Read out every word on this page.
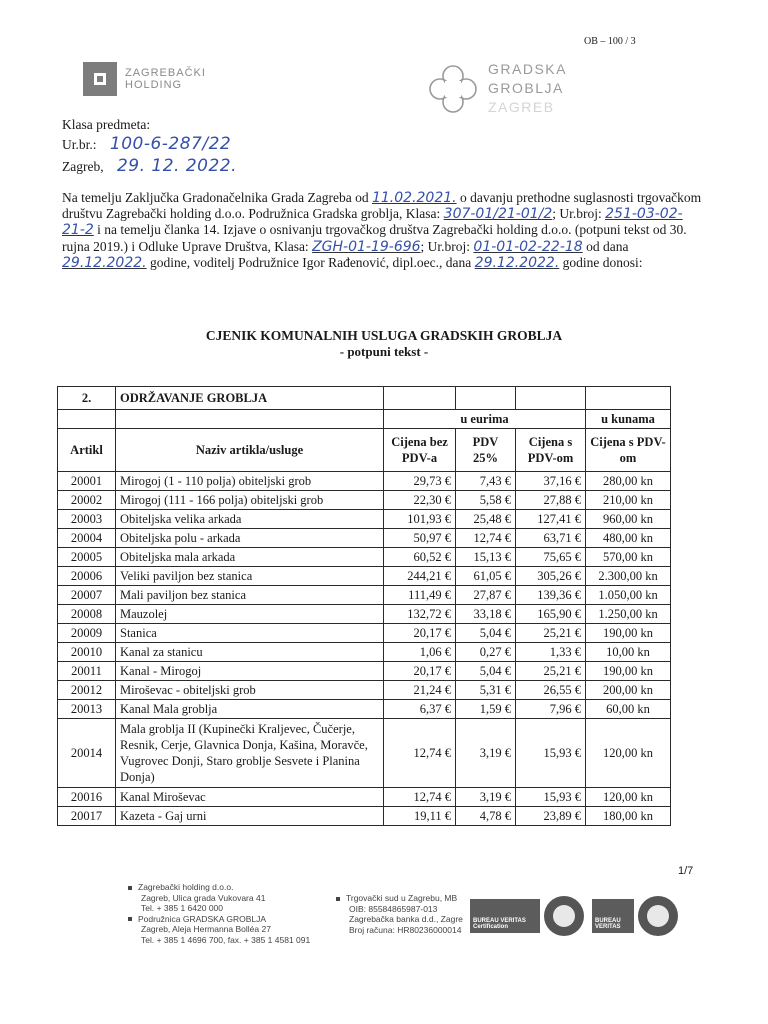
OB – 100 / 3
ZAGREBAČKI
HOLDING
GRADSKA
GROBLJA
ZAGREB
Klasa predmeta:
Ur.br.: 100-6-287/22
Zagreb, 29. 12. 2022.
Na temelju Zaključka Gradonačelnika Grada Zagreba od 11.02.2021. o davanju prethodne suglasnosti trgovačkom društvu Zagrebački holding d.o.o. Podružnica Gradska groblja, Klasa: 307-01/21-01/2; Ur.broj: 251-03-02-21-2 i na temelju članka 14. Izjave o osnivanju trgovačkog društva Zagrebački holding d.o.o. (potpuni tekst od 30. rujna 2019.) i Odluke Uprave Društva, Klasa: ZGH-01-19-696; Ur.broj: 01-01-02-22-18 od dana 29.12.2022. godine, voditelj Podružnice Igor Rađenović, dipl.oec., dana 29.12.2022. godine donosi:
CJENIK KOMUNALNIH USLUGA GRADSKIH GROBLJA
- potpuni tekst -
2.	ODRŽAVANJE GROBLJA				
		u eurima			u kunama
Artikl	Naziv artikla/usluge	Cijena bez PDV-a	PDV 25%	Cijena s PDV-om	Cijena s PDV-om
20001	Mirogoj (1 - 110 polja) obiteljski grob	29,73 €	7,43 €	37,16 €	280,00 kn
20002	Mirogoj (111 - 166 polja) obiteljski grob	22,30 €	5,58 €	27,88 €	210,00 kn
20003	Obiteljska velika arkada	101,93 €	25,48 €	127,41 €	960,00 kn
20004	Obiteljska polu - arkada	50,97 €	12,74 €	63,71 €	480,00 kn
20005	Obiteljska mala arkada	60,52 €	15,13 €	75,65 €	570,00 kn
20006	Veliki paviljon bez stanica	244,21 €	61,05 €	305,26 €	2.300,00 kn
20007	Mali paviljon bez stanica	111,49 €	27,87 €	139,36 €	1.050,00 kn
20008	Mauzolej	132,72 €	33,18 €	165,90 €	1.250,00 kn
20009	Stanica	20,17 €	5,04 €	25,21 €	190,00 kn
20010	Kanal za stanicu	1,06 €	0,27 €	1,33 €	10,00 kn
20011	Kanal - Mirogoj	20,17 €	5,04 €	25,21 €	190,00 kn
20012	Miroševac - obiteljski grob	21,24 €	5,31 €	26,55 €	200,00 kn
20013	Kanal Mala groblja	6,37 €	1,59 €	7,96 €	60,00 kn
20014	Mala groblja II (Kupinečki Kraljevec, Čučerje, Resnik, Cerje, Glavnica Donja, Kašina, Moravče, Vugrovec Donji, Staro groblje Sesvete i Planina Donja)	12,74 €	3,19 €	15,93 €	120,00 kn
20016	Kanal Miroševac	12,74 €	3,19 €	15,93 €	120,00 kn
20017	Kazeta - Gaj urni	19,11 €	4,78 €	23,89 €	180,00 kn
1/7
Zagrebački holding d.o.o.
Zagreb, Ulica grada Vukovara 41
Tel. + 385 1 6420 000
Podružnica GRADSKA GROBLJA
Zagreb, Aleja Hermanna Bolléa 27
Tel. + 385 1 4696 700, fax. + 385 1 4581 091
Trgovački sud u Zagrebu, MB
OIB: 85584865987-013
Zagrebačka banka d.d., Zagre
Broj računa: HR80236000014
BUREAU VERITAS Certification
BUREAU VERITAS
